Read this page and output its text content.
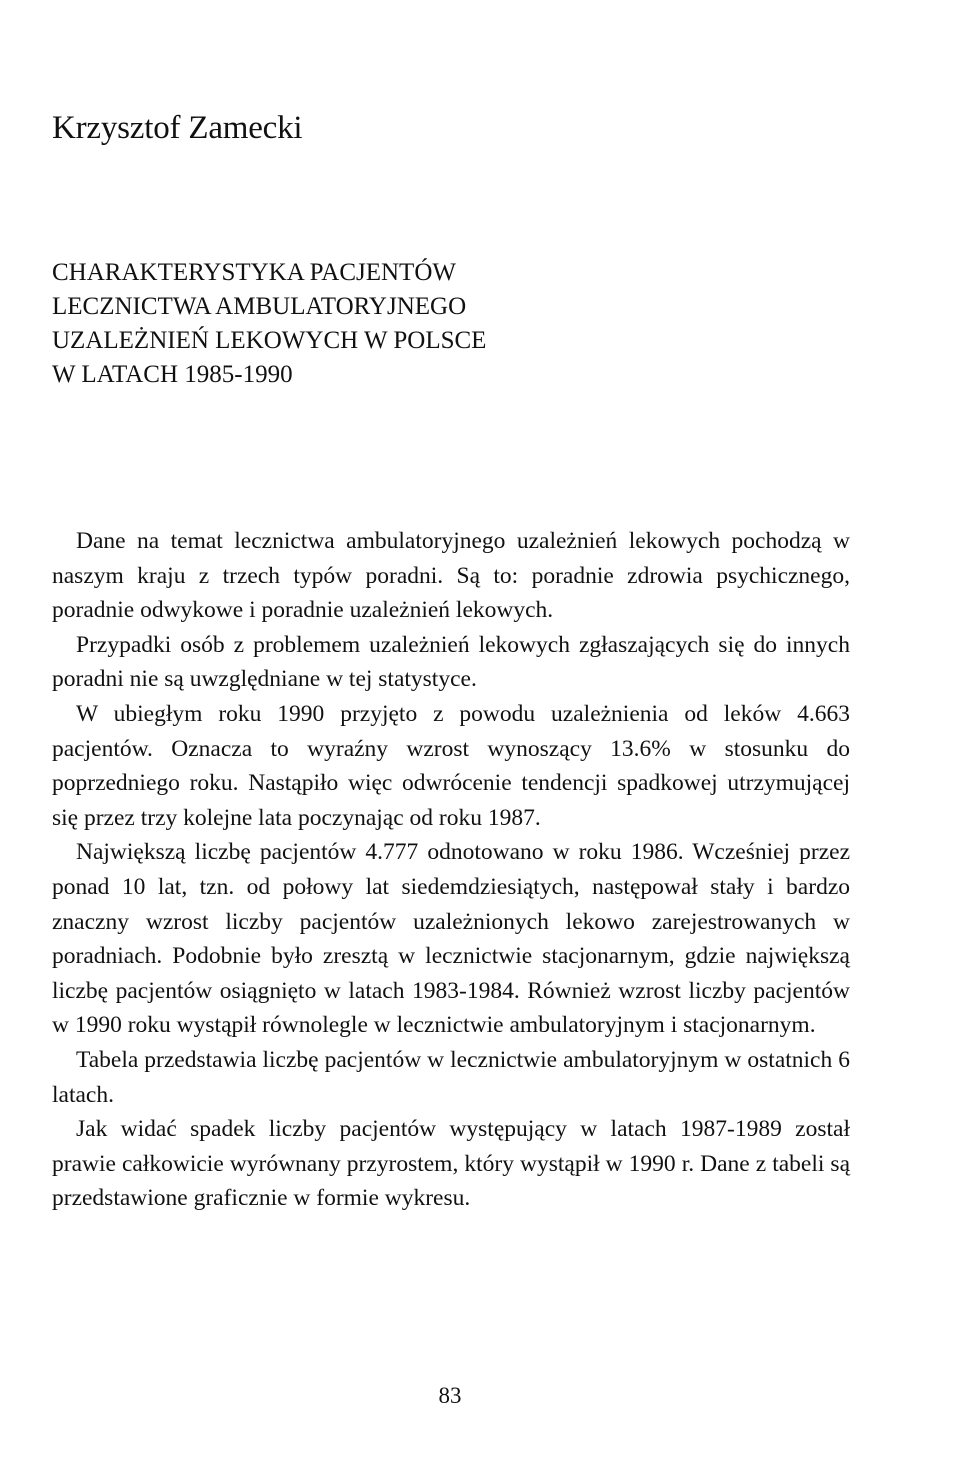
Krzysztof Zamecki
CHARAKTERYSTYKA PACJENTÓW
LECZNICTWA AMBULATORYJNEGO
UZALEŻNIEŃ LEKOWYCH W POLSCE
W LATACH 1985-1990

Dane na temat lecznictwa ambulatoryjnego uzależnień lekowych pochodzą w naszym kraju z trzech typów poradni. Są to: poradnie zdrowia psychicznego, poradnie odwykowe i poradnie uzależnień lekowych.

Przypadki osób z problemem uzależnień lekowych zgłaszających się do innych poradni nie są uwzględniane w tej statystyce.

W ubiegłym roku 1990 przyjęto z powodu uzależnienia od leków 4.663 pacjentów. Oznacza to wyraźny wzrost wynoszący 13.6% w stosunku do poprzedniego roku. Nastąpiło więc odwrócenie tendencji spadkowej utrzymującej się przez trzy kolejne lata poczynając od roku 1987.

Największą liczbę pacjentów 4.777 odnotowano w roku 1986. Wcześniej przez ponad 10 lat, tzn. od połowy lat siedemdziesiątych, następował stały i bardzo znaczny wzrost liczby pacjentów uzależnionych lekowo zarejestrowanych w poradniach. Podobnie było zresztą w lecznictwie stacjonarnym, gdzie największą liczbę pacjentów osiągnięto w latach 1983-1984. Również wzrost liczby pacjentów w 1990 roku wystąpił równolegle w lecznictwie ambulatoryjnym i stacjonarnym.

Tabela przedstawia liczbę pacjentów w lecznictwie ambulatoryjnym w ostatnich 6 latach.

Jak widać spadek liczby pacjentów występujący w latach 1987-1989 został prawie całkowicie wyrównany przyrostem, który wystąpił w 1990 r. Dane z tabeli są przedstawione graficznie w formie wykresu.

83
